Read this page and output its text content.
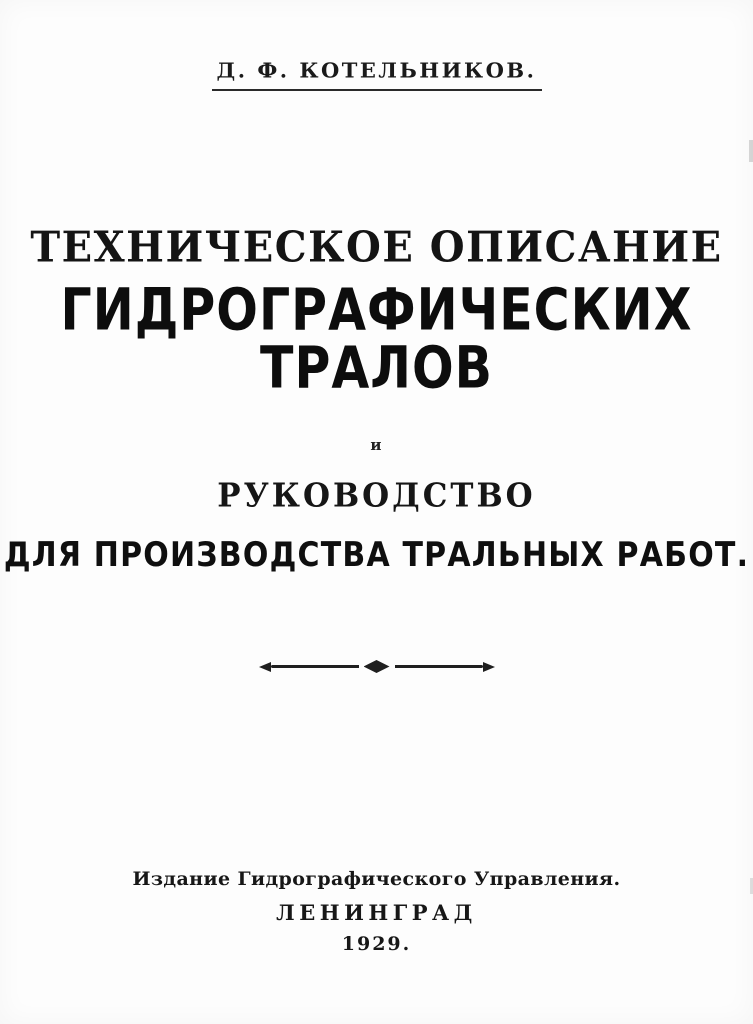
Д. Ф. КОТЕЛЬНИКОВ.
ТЕХНИЧЕСКОЕ ОПИСАНИЕ
ГИДРОГРАФИЧЕСКИХ ТРАЛОВ
и
РУКОВОДСТВО
ДЛЯ ПРОИЗВОДСТВА ТРАЛЬНЫХ РАБОТ.
Издание Гидрографического Управления.
ЛЕНИНГРАД
1929.
